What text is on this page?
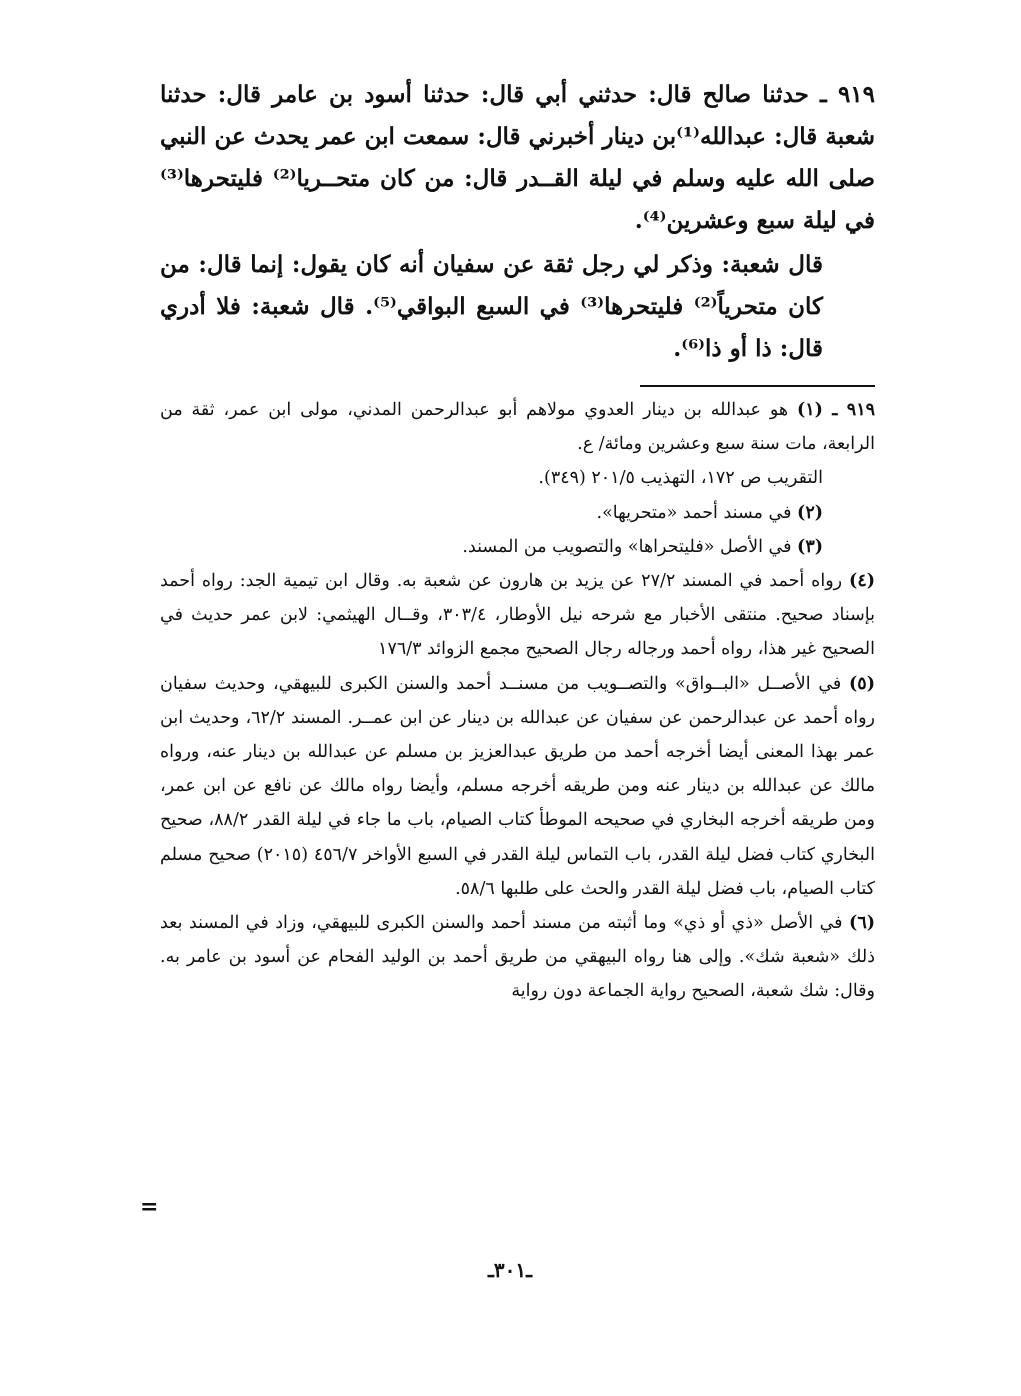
٩١٩ ـ حدثنا صالح قال: حدثني أبي قال: حدثنا أسود بن عامر قال: حدثنا شعبة قال: عبدالله⁽¹⁾بن دينار أخبرني قال: سمعت ابن عمر يحدث عن النبي صلى الله عليه وسلم في ليلة القــدر قال: من كان متحــريا⁽²⁾ فليتحرها⁽³⁾ في ليلة سبع وعشرين⁽⁴⁾.

قال شعبة: وذكر لي رجل ثقة عن سفيان أنه كان يقول: إنما قال: من كان متحرياً⁽²⁾ فليتحرها⁽³⁾ في السبع البواقي⁽⁵⁾. قال شعبة: فلا أدري قال: ذا أو ذا⁽⁶⁾.

٩١٩ ـ (١) هو عبدالله بن دينار العدوي مولاهم أبو عبدالرحمن المدني، مولى ابن عمر، ثقة من الرابعة، مات سنة سبع وعشرين ومائة/ ع.

التقريب ص ١٧٢، التهذيب ٢٠١/٥ (٣٤٩).

(٢) في مسند أحمد «متحريها».

(٣) في الأصل «فليتحراها» والتصويب من المسند.

(٤) رواه أحمد في المسند ٢٧/٢ عن يزيد بن هارون عن شعبة به. وقال ابن تيمية الجد: رواه أحمد بإسناد صحيح. منتقى الأخبار مع شرحه نيل الأوطار، ٣٠٣/٤، وقــال الهيثمي: لابن عمر حديث في الصحيح غير هذا، رواه أحمد ورجاله رجال الصحيح مجمع الزوائد ١٧٦/٣

(٥) في الأصــل «البــواق» والتصــويب من مسنــد أحمد والسنن الكبرى للبيهقي، وحديث سفيان رواه أحمد عن عبدالرحمن عن سفيان عن عبدالله بن دينار عن ابن عمــر. المسند ٦٢/٢، وحديث ابن عمر بهذا المعنى أيضا أخرجه أحمد من طريق عبدالعزيز بن مسلم عن عبدالله بن دينار عنه، ورواه مالك عن عبدالله بن دينار عنه ومن طريقه أخرجه مسلم، وأيضا رواه مالك عن نافع عن ابن عمر، ومن طريقه أخرجه البخاري في صحيحه الموطأ كتاب الصيام، باب ما جاء في ليلة القدر ٨٨/٢، صحيح البخاري كتاب فضل ليلة القدر، باب التماس ليلة القدر في السبع الأواخر ٤٥٦/٧ (٢٠١٥) صحيح مسلم كتاب الصيام، باب فضل ليلة القدر والحث على طلبها ٥٨/٦.

(٦) في الأصل «ذي أو ذي» وما أثبته من مسند أحمد والسنن الكبرى للبيهقي، وزاد في المسند بعد ذلك «شعبة شك». وإلى هنا رواه البيهقي من طريق أحمد بن الوليد الفحام عن أسود بن عامر به. وقال: شك شعبة، الصحيح رواية الجماعة دون رواية

=
ـ٣٠١ـ
